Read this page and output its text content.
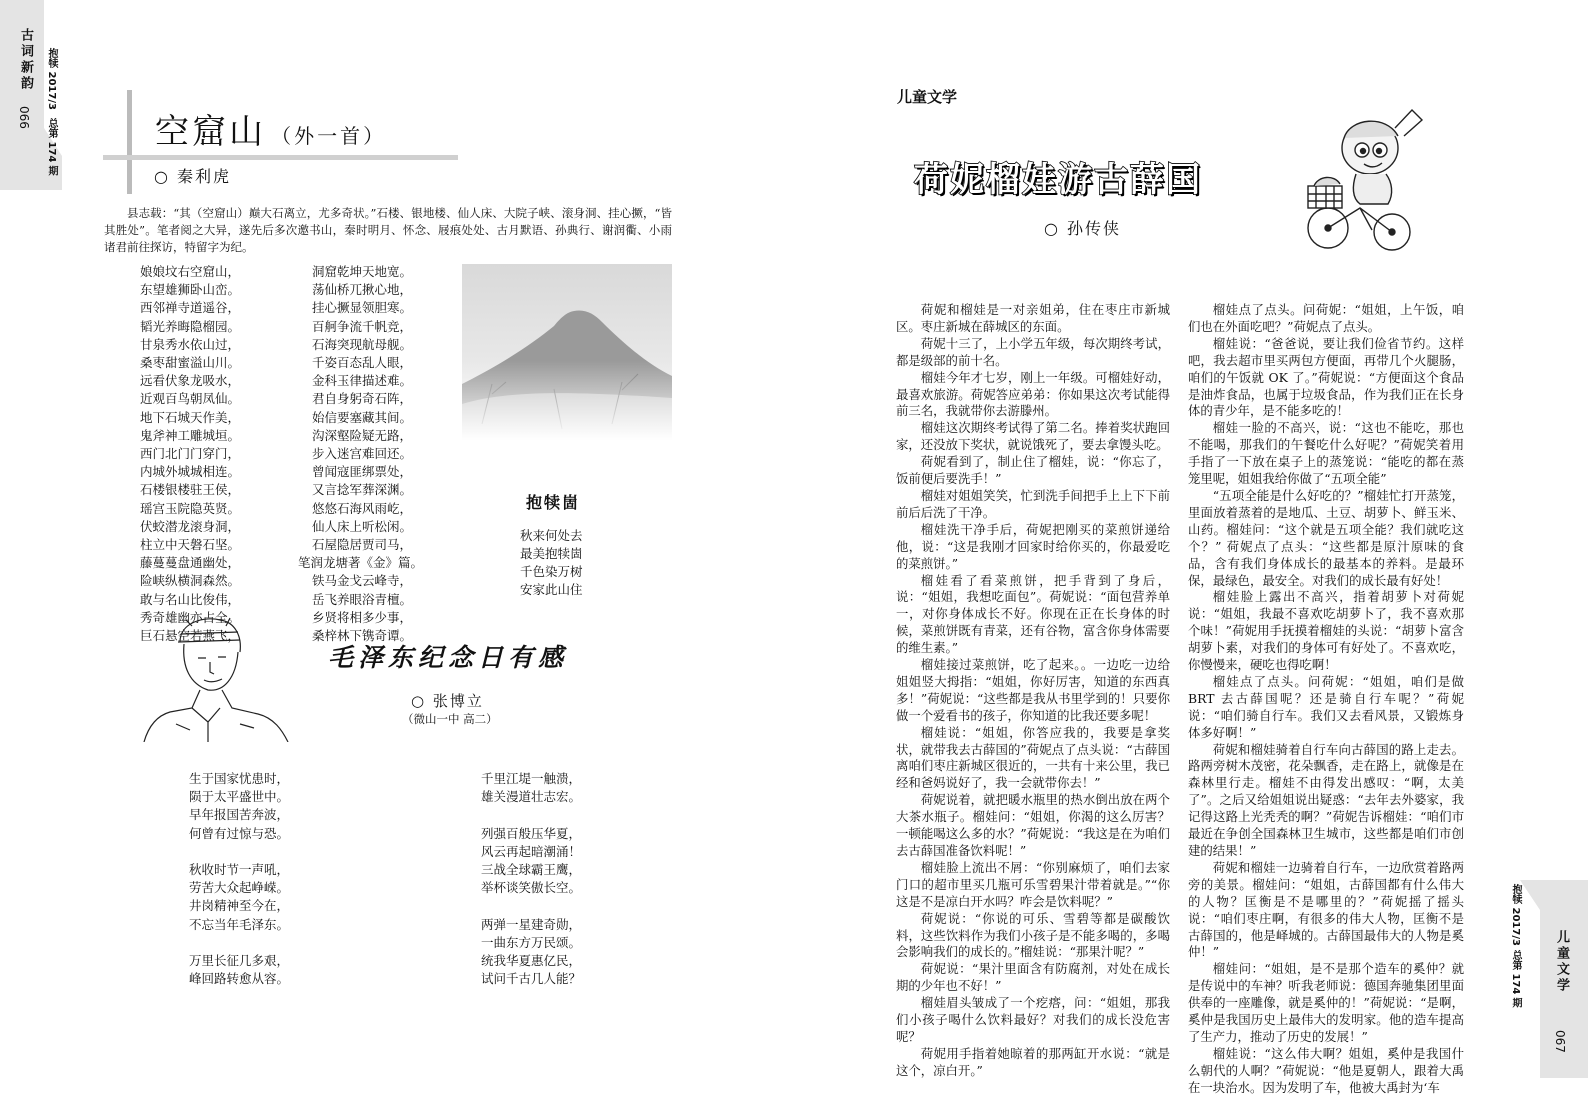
古词新韵
066
抱犊 2017/3
总第 174 期	空窟山 （外一首）
○ 秦利虎
县志载：“其（空窟山）巅大石离立，尤多奇状。”石楼、银地楼、仙人床、大院子峡、滚身洞、挂心撅，“皆其胜处”。笔者阅之大异，遂先后多次邀书山，秦时明月、怀念、屐痕处处、古月默语、孙典行、谢润衢、小雨诸君前往探访，特留字为纪。
娘娘坟右空窟山，
东望雄狮卧山峦。
西邻禅寺道遥谷，
韬光养晦隐榴园。
甘泉秀水依山过，
桑枣甜蜜溢山川。
远看伏象龙吸水，
近观百鸟朝凤仙。
地下石城天作美，
鬼斧神工雕城垣。
西门北门门穿门，
内城外城城相连。
石楼银楼驻王侯，
瑶宫玉院隐英贤。
伏蛟潜龙滚身洞，
柱立中天磐石坚。
藤蔓蔓盘通幽处，
险峡纵横洞森然。
敢与名山比俊伟，
秀奇雄幽亦占全。
巨石悬空若燕飞，
洞窟乾坤天地宽。
荡仙桥兀揪心地，
挂心撅显领胆寒。
百舸争流千帆竞，
石海突现航母舰。
千姿百态乱人眼，
金科玉律描述难。
君自身躬奇石阵，
始信要塞藏其间。
沟深壑险疑无路，
步入迷宫难回还。
曾闻寇匪绑票处，
又言捻军葬深渊。
悠悠石海风雨屹，
仙人床上听松闲。
石屋隐居贾司马，
笔润龙塘著《金》篇。
铁马金戈云峰寺，
岳飞养眼浴青檀。
乡贤将相多少事，
桑梓林下镌奇谭。
抱犊崮
秋来何处去
最美抱犊崮
千色染万树
安家此山住
毛泽东纪念日有感
○ 张博立
（微山一中 高二）
生于国家忧患时，
陨于太平盛世中。
早年报国苦奔波，
何曾有过惊与恐。
秋收时节一声吼，
劳苦大众起峥嵘。
井岗精神至今在，
不忘当年毛泽东。
万里长征几多艰，
峰回路转愈从容。
千里江堤一触溃，
雄关漫道壮志宏。
列强百般压华夏，
风云再起暗潮涌！
三战全球霸王鹰，
举杯谈笑傲长空。
两弹一星建奇勋，
一曲东方万民颂。
统我华夏惠亿民，
试问千古几人能？
儿童文学
荷妮榴娃游古薛国
○ 孙传侠

荷妮和榴娃是一对亲姐弟，住在枣庄市新城区。枣庄新城在薛城区的东面。

荷妮十三了，上小学五年级，每次期终考试，都是级部的前十名。

榴娃今年才七岁，刚上一年级。可榴娃好动，最喜欢旅游。荷妮答应弟弟：你如果这次考试能得前三名，我就带你去游滕州。

榴娃这次期终考试得了第二名。捧着奖状跑回家，还没放下奖状，就说饿死了，要去拿馒头吃。

荷妮看到了，制止住了榴娃，说：“你忘了，饭前便后要洗手！”

榴娃对姐姐笑笑，忙到洗手间把手上上下下前前后后洗了干净。

榴娃洗干净手后，荷妮把刚买的菜煎饼递给他，说：“这是我刚才回家时给你买的，你最爱吃的菜煎饼。”

榴娃看了看菜煎饼，把手背到了身后，说：“姐姐，我想吃面包”。荷妮说：“面包营养单一，对你身体成长不好。你现在正在长身体的时候，菜煎饼既有青菜，还有谷物，富含你身体需要的维生素。”

榴娃接过菜煎饼，吃了起来。。一边吃一边给姐姐竖大拇指：“姐姐，你好厉害，知道的东西真多！”荷妮说：“这些都是我从书里学到的！只要你做一个爱看书的孩子，你知道的比我还要多呢！

榴娃说：“姐姐，你答应我的，我要是拿奖状，就带我去古薛国的”荷妮点了点头说：“古薛国离咱们枣庄新城区很近的，一共有十来公里，我已经和爸妈说好了，我一会就带你去！”

荷妮说着，就把暖水瓶里的热水倒出放在两个大茶水瓶子。榴娃问：“姐姐，你渴的这么厉害？一顿能喝这么多的水？”荷妮说：“我这是在为咱们去古薛国准备饮料呢！”

榴娃脸上流出不屑：“你别麻烦了，咱们去家门口的超市里买几瓶可乐雪碧果汁带着就是。”“你这是不是凉白开水吗？咋会是饮料呢？”

荷妮说：“你说的可乐、雪碧等都是碳酸饮料，这些饮料作为我们小孩子是不能多喝的，多喝会影响我们的成长的。”榴娃说：“那果汁呢？”

荷妮说：“果汁里面含有防腐剂，对处在成长期的少年也不好！”

榴娃眉头皱成了一个疙瘩，问：“姐姐，那我们小孩子喝什么饮料最好？对我们的成长没危害呢？

荷妮用手指着她晾着的那两缸开水说：“就是这个，凉白开。”

榴娃点了点头。问荷妮：“姐姐，上午饭，咱们也在外面吃吧？”荷妮点了点头。

榴娃说：“爸爸说，要让我们俭省节约。这样吧，我去超市里买两包方便面，再带几个火腿肠，咱们的午饭就 OK 了。”荷妮说：“方便面这个食品是油炸食品，也属于垃圾食品，作为我们正在长身体的青少年，是不能多吃的！

榴娃一脸的不高兴，说：“这也不能吃，那也不能喝，那我们的午餐吃什么好呢？”荷妮笑着用手指了一下放在桌子上的蒸笼说：“能吃的都在蒸笼里呢，姐姐我给你做了“五项全能”

“五项全能是什么好吃的？”榴娃忙打开蒸笼，里面放着蒸着的是地瓜、土豆、胡萝卜、鲜玉米、山药。榴娃问：“这个就是五项全能？我们就吃这个？” 荷妮点了点头：“这些都是原汁原味的食品，含有我们身体成长的最基本的养料。是最环保，最绿色，最安全。对我们的成长最有好处！

榴娃脸上露出不高兴，指着胡萝卜对荷妮说：“姐姐，我最不喜欢吃胡萝卜了，我不喜欢那个味！”荷妮用手抚摸着榴娃的头说：“胡萝卜富含胡萝卜素，对我们的身体可有好处了。不喜欢吃，你慢慢来，硬吃也得吃啊！

榴娃点了点头。问荷妮：“姐姐，咱们是做BRT 去古薛国呢？还是骑自行车呢？”荷妮说：“咱们骑自行车。我们又去看风景，又锻炼身体多好啊！”

荷妮和榴娃骑着自行车向古薛国的路上走去。路两旁树木茂密，花朵飘香，走在路上，就像是在森林里行走。榴娃不由得发出感叹：“啊，太美了”。之后又给姐姐说出疑惑：“去年去外婆家，我记得这路上光秃秃的啊？”荷妮告诉榴娃：“咱们市最近在争创全国森林卫生城市，这些都是咱们市创建的结果！”

荷妮和榴娃一边骑着自行车，一边欣赏着路两旁的美景。榴娃问：“姐姐，古薛国都有什么伟大的人物？匡衡是不是哪里的？”荷妮摇了摇头说：“咱们枣庄啊，有很多的伟大人物，匡衡不是古薛国的，他是峄城的。古薛国最伟大的人物是奚仲！”

榴娃问：“姐姐，是不是那个造车的奚仲？就是传说中的车神？听我老师说：德国奔驰集团里面供奉的一座雕像，就是奚仲的！”荷妮说：“是啊，奚仲是我国历史上最伟大的发明家。他的造车提高了生产力，推动了历史的发展！”

榴娃说：“这么伟大啊？姐姐，奚仲是我国什么朝代的人啊？”荷妮说：“他是夏朝人，跟着大禹在一块治水。因为发明了车，他被大禹封为‘车

抱犊 2017/3
总第 174 期	儿童文学
067
